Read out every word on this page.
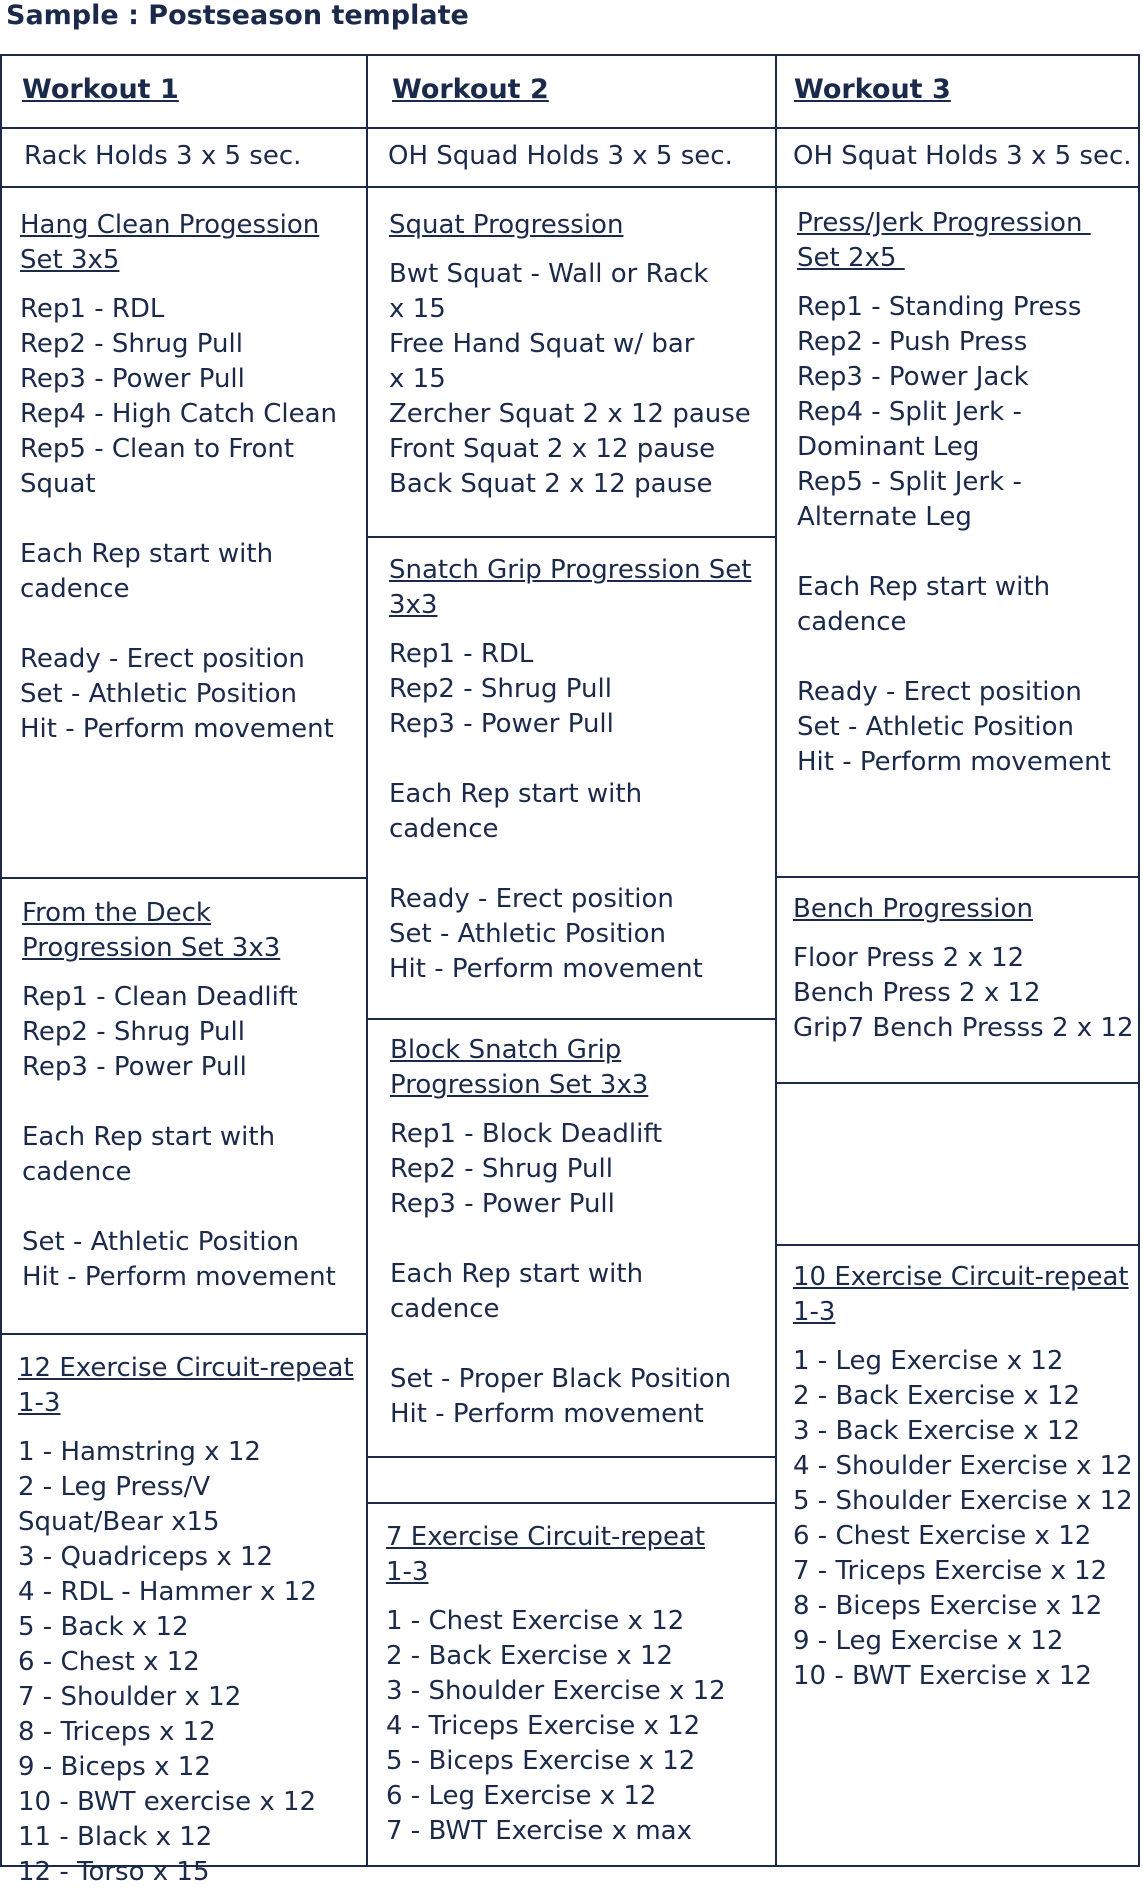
Sample : Postseason template
Workout 1
Rack Holds 3 x 5 sec.
Hang Clean Progession
Set 3x5
Rep1 - RDL
Rep2 - Shrug Pull
Rep3 - Power Pull
Rep4 - High Catch Clean
Rep5 - Clean to Front
Squat
Each Rep start with
cadence
Ready - Erect position
Set - Athletic Position
Hit - Perform movement
From the Deck
Progression Set 3x3
Rep1 - Clean Deadlift
Rep2 - Shrug Pull
Rep3 - Power Pull
Each Rep start with
cadence
Set - Athletic Position
Hit - Perform movement
12 Exercise Circuit-repeat
1-3
1 - Hamstring x 12
2 - Leg Press/V
Squat/Bear x15
3 - Quadriceps x 12
4 - RDL - Hammer x 12
5 - Back x 12
6 - Chest x 12
7 - Shoulder x 12
8 - Triceps x 12
9 - Biceps x 12
10 - BWT exercise x 12
11 - Black x 12
12 - Torso x 15
Workout 2
OH Squad Holds 3 x 5 sec.
Squat Progression
Bwt Squat - Wall or Rack
x 15
Free Hand Squat w/ bar
x 15
Zercher Squat 2 x 12 pause
Front Squat 2 x 12 pause
Back Squat 2 x 12 pause
Snatch Grip Progression Set
3x3
Rep1 - RDL
Rep2 - Shrug Pull
Rep3 - Power Pull
Each Rep start with
cadence
Ready - Erect position
Set - Athletic Position
Hit - Perform movement
Block Snatch Grip
Progression Set 3x3
Rep1 - Block Deadlift
Rep2 - Shrug Pull
Rep3 - Power Pull
Each Rep start with
cadence
Set - Proper Black Position
Hit - Perform movement
7 Exercise Circuit-repeat
1-3
1 - Chest Exercise x 12
2 - Back Exercise x 12
3 - Shoulder Exercise x 12
4 - Triceps Exercise x 12
5 - Biceps Exercise x 12
6 - Leg Exercise x 12
7 - BWT Exercise x max
Workout 3
OH Squat Holds 3 x 5 sec.
Press/Jerk Progression
Set 2x5
Rep1 - Standing Press
Rep2 - Push Press
Rep3 - Power Jack
Rep4 - Split Jerk -
Dominant Leg
Rep5 - Split Jerk -
Alternate Leg
Each Rep start with
cadence
Ready - Erect position
Set - Athletic Position
Hit - Perform movement
Bench Progression
Floor Press 2 x 12
Bench Press 2 x 12
Grip7 Bench Presss 2 x 12
10 Exercise Circuit-repeat
1-3
1 - Leg Exercise x 12
2 - Back Exercise x 12
3 - Back Exercise x 12
4 - Shoulder Exercise x 12
5 - Shoulder Exercise x 12
6 - Chest Exercise x 12
7 - Triceps Exercise x 12
8 - Biceps Exercise x 12
9 - Leg Exercise x 12
10 - BWT Exercise x 12
